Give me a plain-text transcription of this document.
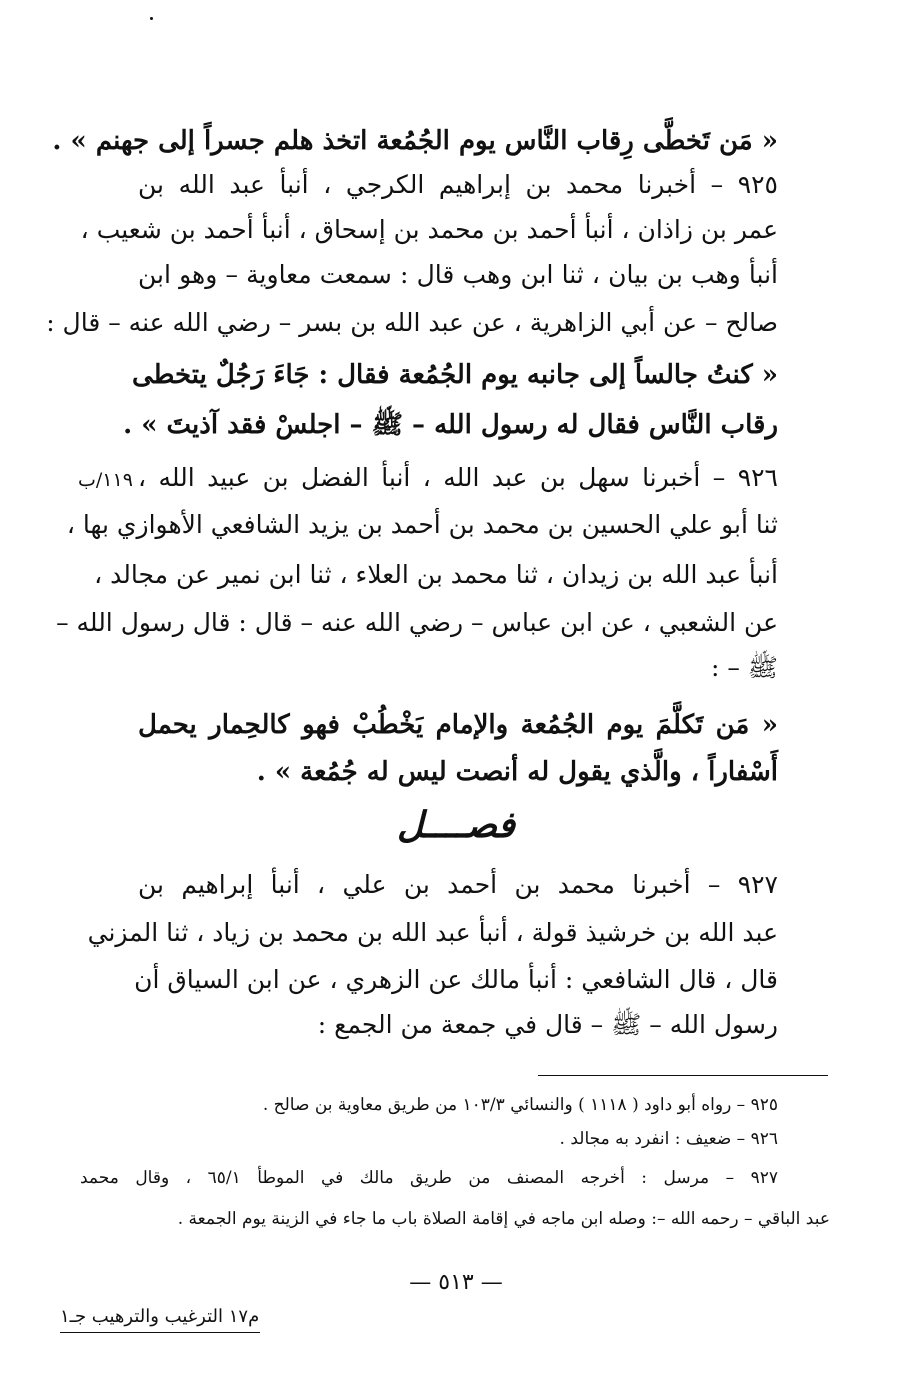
« مَن تَخطَّى رِقاب النَّاس يوم الجُمُعة اتخذ هلم جسراً إلى جهنم » .
٩٢٥ – أخبرنا محمد بن إبراهيم الكرجي ، أنبأ عبد الله بن
عمر بن زاذان ، أنبأ أحمد بن محمد بن إسحاق ، أنبأ أحمد بن شعيب ،
أنبأ وهب بن بيان ، ثنا ابن وهب قال : سمعت معاوية – وهو ابن
صالح – عن أبي الزاهرية ، عن عبد الله بن بسر – رضي الله عنه – قال :
« كنتُ جالساً إلى جانبه يوم الجُمُعة فقال : جَاءَ رَجُلٌ يتخطى
رقاب النَّاس فقال له رسول الله – ﷺ – اجلسْ فقد آذيتَ » .
١١٩/ب ٩٢٦ – أخبرنا سهل بن عبد الله ، أنبأ الفضل بن عبيد الله ،
ثنا أبو علي الحسين بن محمد بن أحمد بن يزيد الشافعي الأهوازي بها ،
أنبأ عبد الله بن زيدان ، ثنا محمد بن العلاء ، ثنا ابن نمير عن مجالد ،
عن الشعبي ، عن ابن عباس – رضي الله عنه – قال : قال رسول الله –
ﷺ – :
« مَن تَكلَّمَ يوم الجُمُعة والإمام يَخْطُبْ فهو كالحِمار يحمل
أَسْفاراً ، والَّذي يقول له أنصت ليس له جُمُعة » .
فصــــل
٩٢٧ – أخبرنا محمد بن أحمد بن علي ، أنبأ إبراهيم بن
عبد الله بن خرشيذ قولة ، أنبأ عبد الله بن محمد بن زياد ، ثنا المزني
قال ، قال الشافعي : أنبأ مالك عن الزهري ، عن ابن السياق أن
رسول الله – ﷺ – قال في جمعة من الجمع :
٩٢٥ – رواه أبو داود ( ١١١٨ ) والنسائي ١٠٣/٣ من طريق معاوية بن صالح .
٩٢٦ – ضعيف : انفرد به مجالد .
٩٢٧ – مرسل : أخرجه المصنف من طريق مالك في الموطأ ٦٥/١ ، وقال محمد
عبد الباقي – رحمه الله –: وصله ابن ماجه في إقامة الصلاة باب ما جاء في الزينة يوم الجمعة .
— ٥١٣ —
م١٧ الترغيب والترهيب جـ١
